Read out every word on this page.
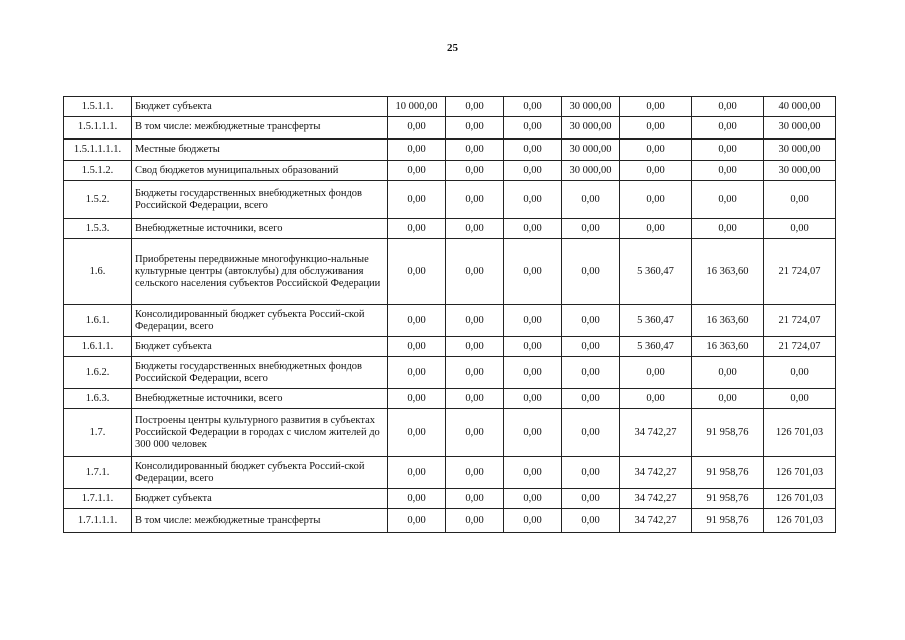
25
1.5.1.1.	Бюджет субъекта	10 000,00	0,00	0,00	30 000,00	0,00	0,00	40 000,00
1.5.1.1.1.	В том числе: межбюджетные трансферты	0,00	0,00	0,00	30 000,00	0,00	0,00	30 000,00
1.5.1.1.1.1.	Местные бюджеты	0,00	0,00	0,00	30 000,00	0,00	0,00	30 000,00
1.5.1.2.	Свод бюджетов муниципальных образований	0,00	0,00	0,00	30 000,00	0,00	0,00	30 000,00
1.5.2.	Бюджеты государственных внебюджетных фондов Российской Федерации, всего	0,00	0,00	0,00	0,00	0,00	0,00	0,00
1.5.3.	Внебюджетные источники, всего	0,00	0,00	0,00	0,00	0,00	0,00	0,00
1.6.	Приобретены передвижные многофункцио-нальные культурные центры (автоклубы) для обслуживания сельского населения субъектов Российской Федерации	0,00	0,00	0,00	0,00	5 360,47	16 363,60	21 724,07
1.6.1.	Консолидированный бюджет субъекта Россий-ской Федерации, всего	0,00	0,00	0,00	0,00	5 360,47	16 363,60	21 724,07
1.6.1.1.	Бюджет субъекта	0,00	0,00	0,00	0,00	5 360,47	16 363,60	21 724,07
1.6.2.	Бюджеты государственных внебюджетных фондов Российской Федерации, всего	0,00	0,00	0,00	0,00	0,00	0,00	0,00
1.6.3.	Внебюджетные источники, всего	0,00	0,00	0,00	0,00	0,00	0,00	0,00
1.7.	Построены центры культурного развития в субъектах Российской Федерации в городах с числом жителей до 300 000 человек	0,00	0,00	0,00	0,00	34 742,27	91 958,76	126 701,03
1.7.1.	Консолидированный бюджет субъекта Россий-ской Федерации, всего	0,00	0,00	0,00	0,00	34 742,27	91 958,76	126 701,03
1.7.1.1.	Бюджет субъекта	0,00	0,00	0,00	0,00	34 742,27	91 958,76	126 701,03
1.7.1.1.1.	В том числе: межбюджетные трансферты	0,00	0,00	0,00	0,00	34 742,27	91 958,76	126 701,03
